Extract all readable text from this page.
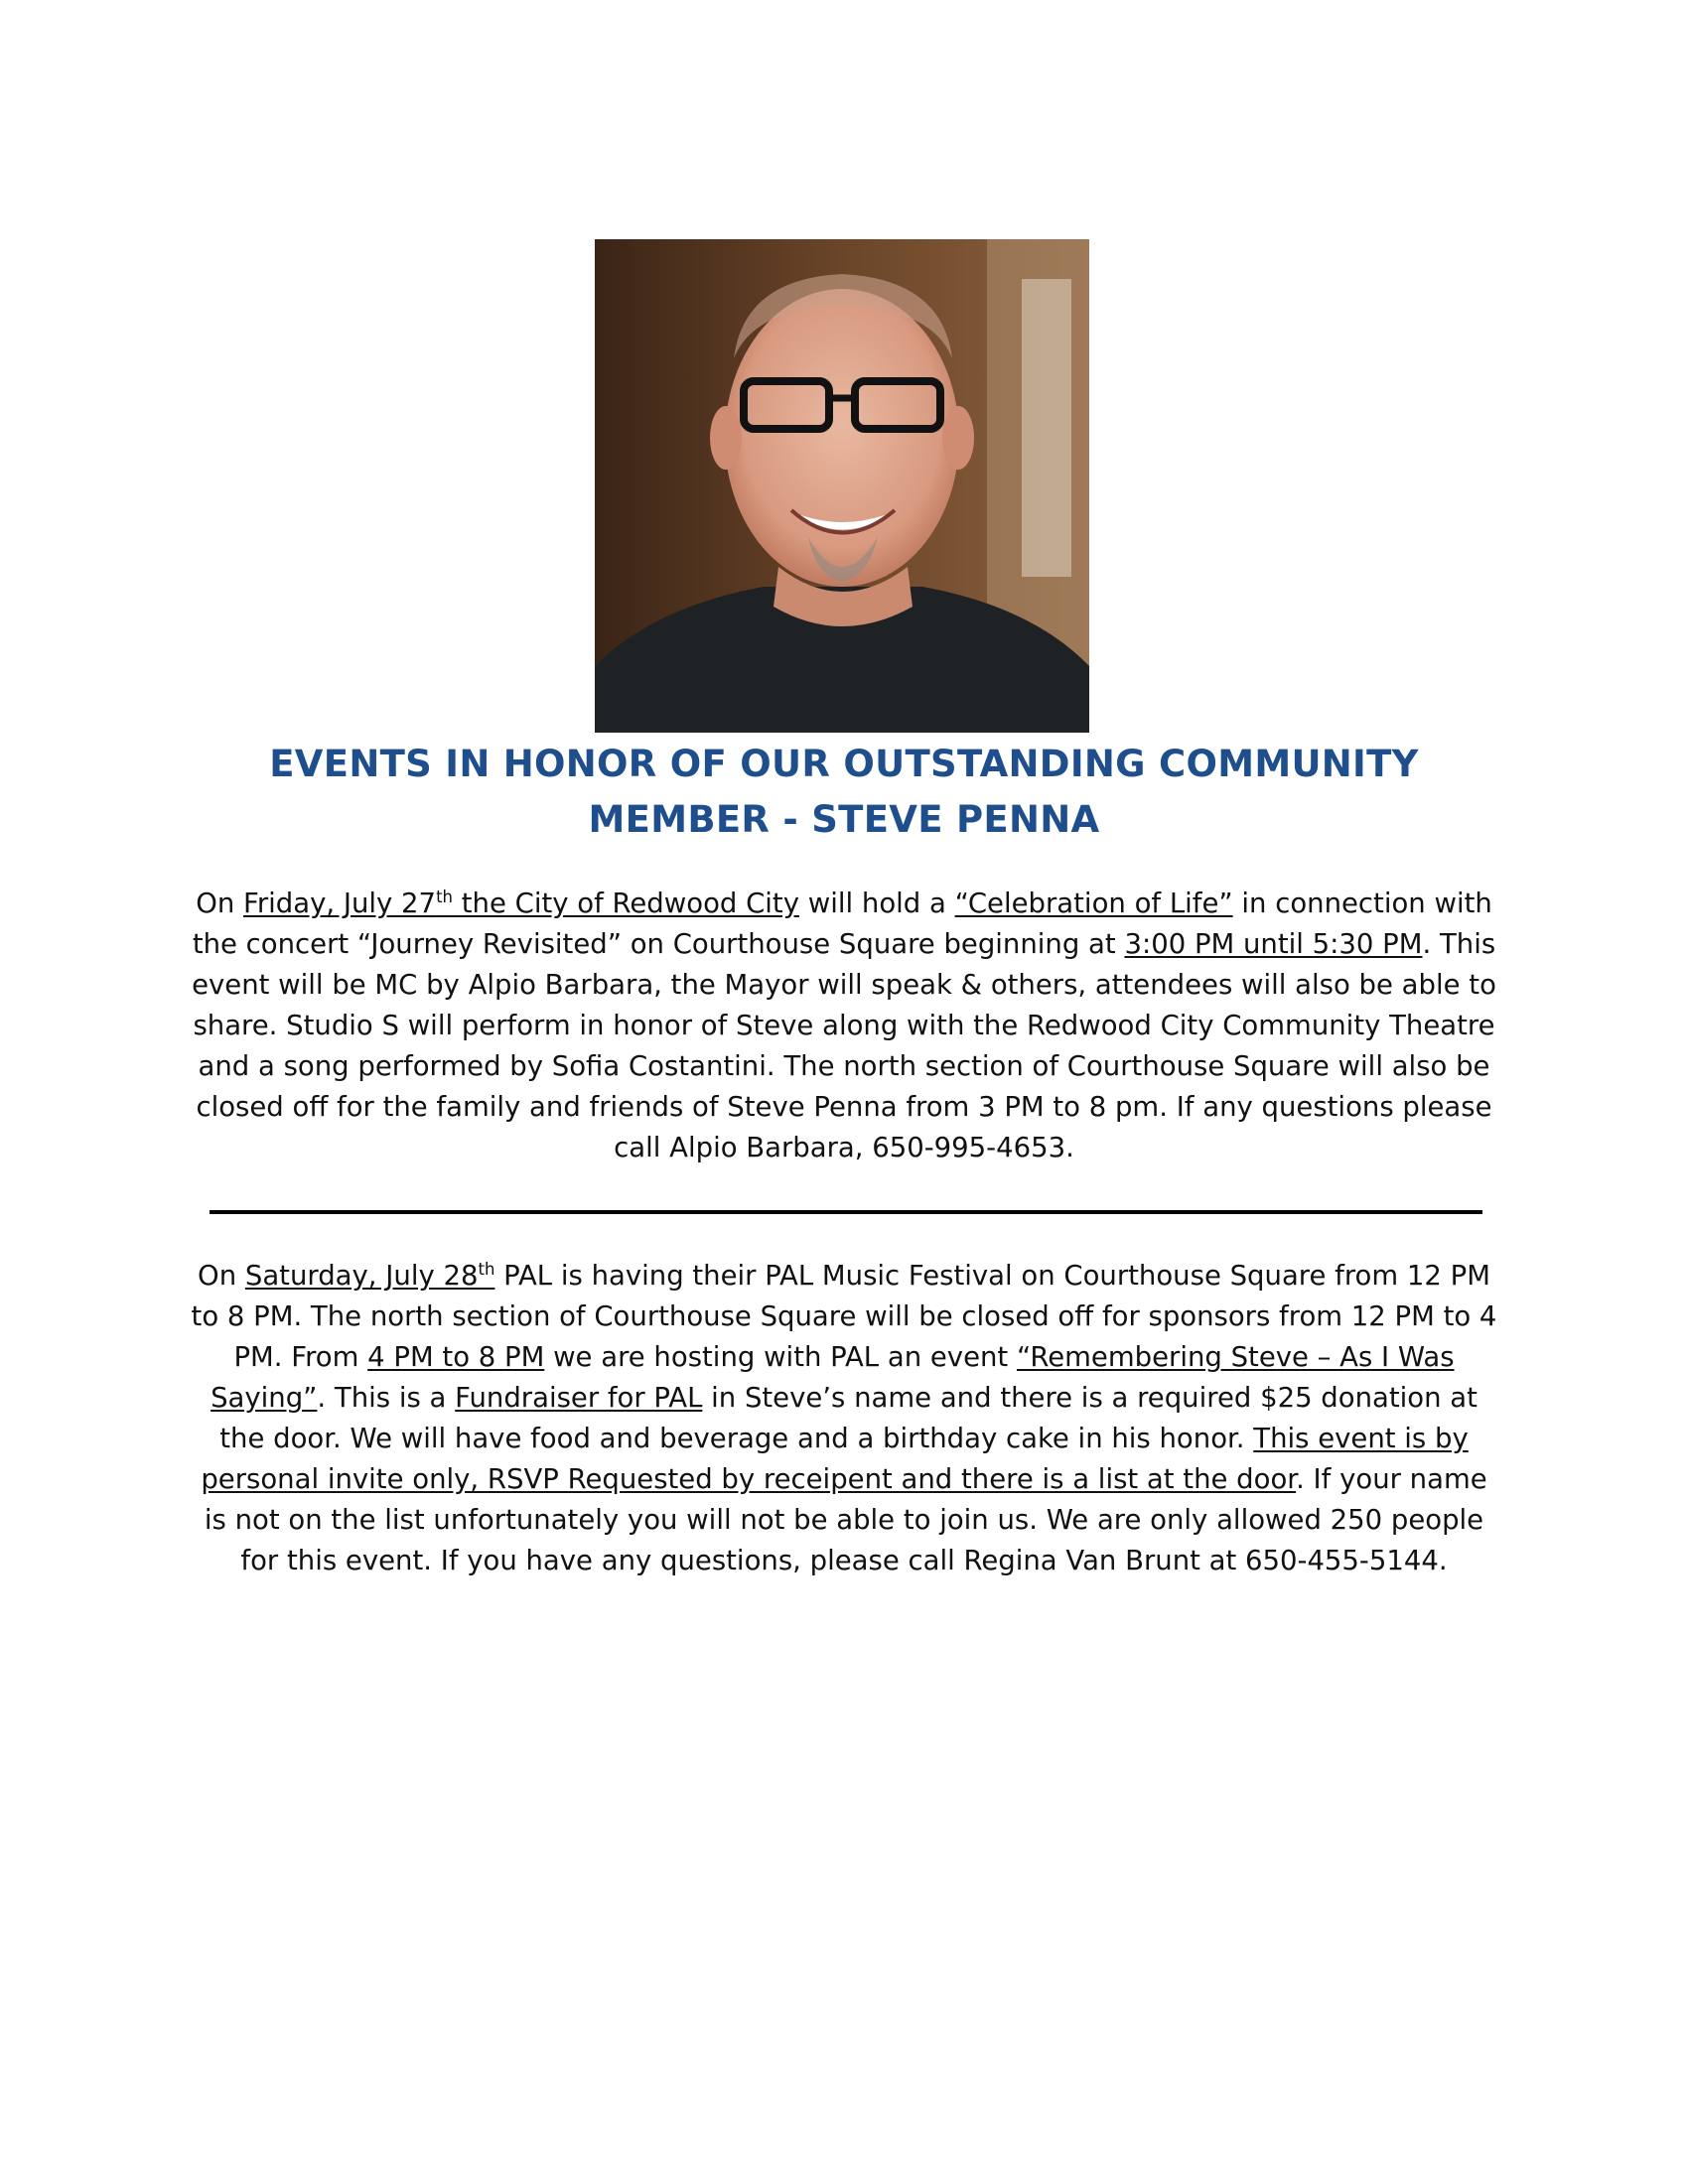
EVENTS IN HONOR OF OUR OUTSTANDING COMMUNITY
MEMBER - STEVE PENNA
On Friday, July 27th the City of Redwood City will hold a “Celebration of Life” in connection with the concert “Journey Revisited” on Courthouse Square beginning at 3:00 PM until 5:30 PM. This event will be MC by Alpio Barbara, the Mayor will speak & others, attendees will also be able to share. Studio S will perform in honor of Steve along with the Redwood City Community Theatre and a song performed by Sofia Costantini. The north section of Courthouse Square will also be closed off for the family and friends of Steve Penna from 3 PM to 8 pm. If any questions please call Alpio Barbara, 650-995-4653.
On Saturday, July 28th PAL is having their PAL Music Festival on Courthouse Square from 12 PM to 8 PM. The north section of Courthouse Square will be closed off for sponsors from 12 PM to 4 PM. From 4 PM to 8 PM we are hosting with PAL an event “Remembering Steve – As I Was Saying”. This is a Fundraiser for PAL in Steve’s name and there is a required $25 donation at the door. We will have food and beverage and a birthday cake in his honor. This event is by personal invite only, RSVP Requested by receipent and there is a list at the door. If your name is not on the list unfortunately you will not be able to join us. We are only allowed 250 people for this event. If you have any questions, please call Regina Van Brunt at 650-455-5144.
